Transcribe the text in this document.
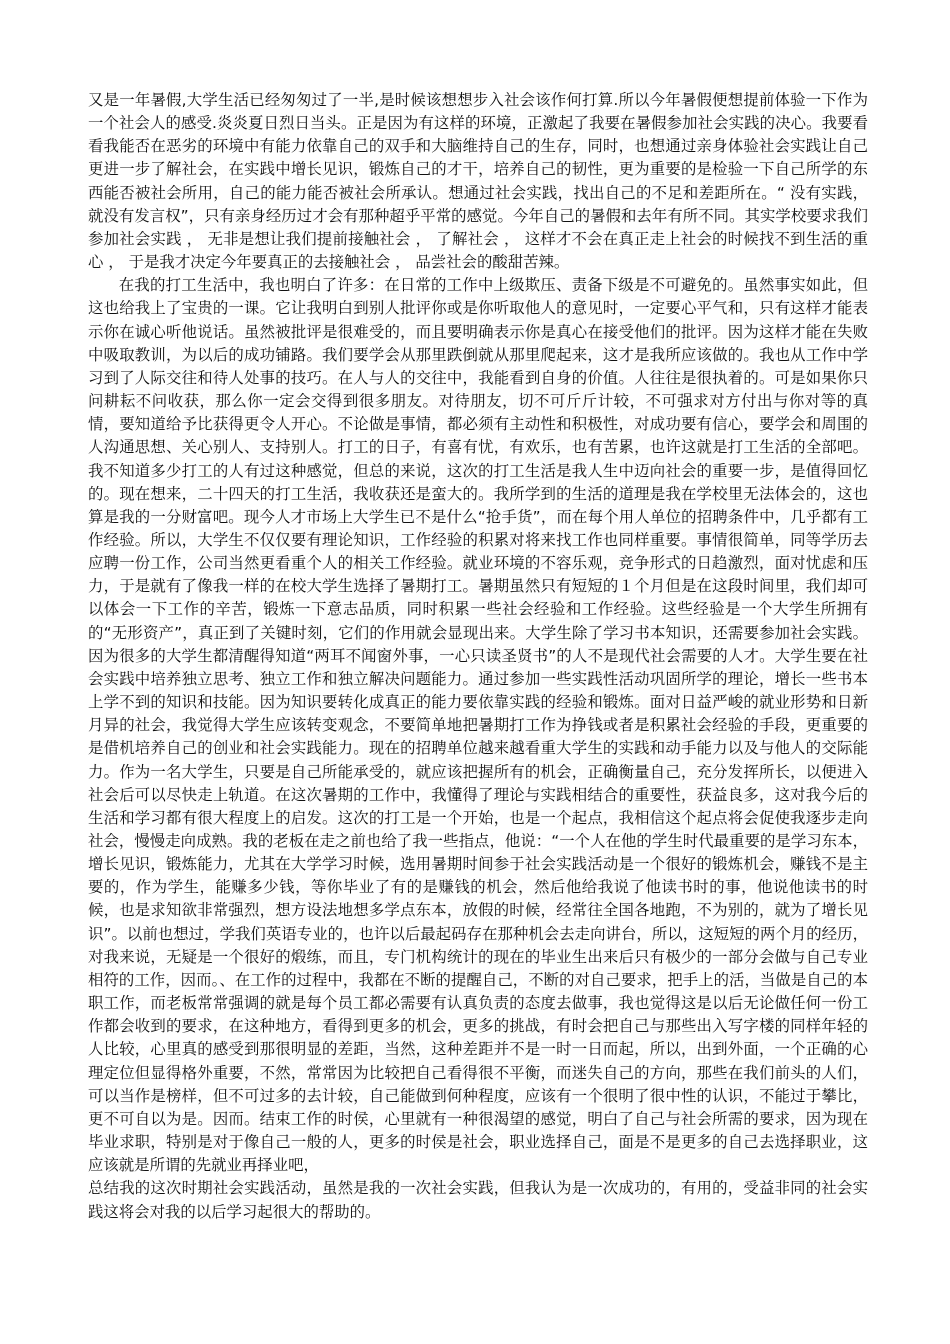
又是一年暑假,大学生活已经匆匆过了一半,是时候该想想步入社会该作何打算.所以今年暑假便想提前体验一下作为一个社会人的感受.炎炎夏日烈日当头。正是因为有这样的环境，正激起了我要在暑假参加社会实践的决心。我要看看我能否在恶劣的环境中有能力依靠自己的双手和大脑维持自己的生存，同时，也想通过亲身体验社会实践让自己更进一步了解社会，在实践中增长见识，锻炼自己的才干，培养自己的韧性，更为重要的是检验一下自己所学的东西能否被社会所用，自己的能力能否被社会所承认。想通过社会实践，找出自己的不足和差距所在。“ 没有实践，就没有发言权”，只有亲身经历过才会有那种超乎平常的感觉。今年自己的暑假和去年有所不同。其实学校要求我们参加社会实践 ， 无非是想让我们提前接触社会 ， 了解社会 ， 这样才不会在真正走上社会的时候找不到生活的重心 ， 于是我才决定今年要真正的去接触社会 ， 品尝社会的酸甜苦辣。

在我的打工生活中，我也明白了许多：在日常的工作中上级欺压、责备下级是不可避免的。虽然事实如此，但这也给我上了宝贵的一课。它让我明白到别人批评你或是你听取他人的意见时，一定要心平气和，只有这样才能表示你在诚心听他说话。虽然被批评是很难受的，而且要明确表示你是真心在接受他们的批评。因为这样才能在失败中吸取教训，为以后的成功铺路。我们要学会从那里跌倒就从那里爬起来，这才是我所应该做的。我也从工作中学习到了人际交往和待人处事的技巧。在人与人的交往中，我能看到自身的价值。人往往是很执着的。可是如果你只问耕耘不问收获，那么你一定会交得到很多朋友。对待朋友，切不可斤斤计较，不可强求对方付出与你对等的真情，要知道给予比获得更令人开心。不论做是事情，都必须有主动性和积极性，对成功要有信心，要学会和周围的人沟通思想、关心别人、支持别人。打工的日子，有喜有忧，有欢乐，也有苦累，也许这就是打工生活的全部吧。我不知道多少打工的人有过这种感觉，但总的来说，这次的打工生活是我人生中迈向社会的重要一步，是值得回忆的。现在想来，二十四天的打工生活，我收获还是蛮大的。我所学到的生活的道理是我在学校里无法体会的，这也算是我的一分财富吧。现今人才市场上大学生已不是什么“抢手货”，而在每个用人单位的招聘条件中，几乎都有工作经验。所以，大学生不仅仅要有理论知识，工作经验的积累对将来找工作也同样重要。事情很简单，同等学历去应聘一份工作，公司当然更看重个人的相关工作经验。就业环境的不容乐观，竞争形式的日趋激烈，面对忧虑和压力，于是就有了像我一样的在校大学生选择了暑期打工。暑期虽然只有短短的１个月但是在这段时间里，我们却可以体会一下工作的辛苦，锻炼一下意志品质，同时积累一些社会经验和工作经验。这些经验是一个大学生所拥有的“无形资产”，真正到了关键时刻，它们的作用就会显现出来。大学生除了学习书本知识，还需要参加社会实践。因为很多的大学生都清醒得知道“两耳不闻窗外事，一心只读圣贤书”的人不是现代社会需要的人才。大学生要在社会实践中培养独立思考、独立工作和独立解决问题能力。通过参加一些实践性活动巩固所学的理论，增长一些书本上学不到的知识和技能。因为知识要转化成真正的能力要依靠实践的经验和锻炼。面对日益严峻的就业形势和日新月异的社会，我觉得大学生应该转变观念，不要简单地把暑期打工作为挣钱或者是积累社会经验的手段，更重要的是借机培养自己的创业和社会实践能力。现在的招聘单位越来越看重大学生的实践和动手能力以及与他人的交际能力。作为一名大学生，只要是自己所能承受的，就应该把握所有的机会，正确衡量自己，充分发挥所长，以便进入社会后可以尽快走上轨道。在这次暑期的工作中，我懂得了理论与实践相结合的重要性，获益良多，这对我今后的生活和学习都有很大程度上的启发。这次的打工是一个开始，也是一个起点，我相信这个起点将会促使我逐步走向社会，慢慢走向成熟。我的老板在走之前也给了我一些指点，他说：“一个人在他的学生时代最重要的是学习东本，增长见识，锻炼能力，尤其在大学学习时候，选用暑期时间参于社会实践活动是一个很好的锻炼机会，赚钱不是主要的，作为学生，能赚多少钱，等你毕业了有的是赚钱的机会，然后他给我说了他读书时的事，他说他读书的时候，也是求知欲非常强烈，想方设法地想多学点东本，放假的时候，经常往全国各地跑，不为别的，就为了增长见识”。以前也想过，学我们英语专业的，也许以后最起码存在那种机会去走向讲台，所以，这短短的两个月的经历，对我来说，无疑是一个很好的煅练，而且，专门机构统计的现在的毕业生出来后只有极少的一部分会做与自己专业相符的工作，因而。、在工作的过程中，我都在不断的提醒自己，不断的对自己要求，把手上的活，当做是自己的本职工作，而老板常常强调的就是每个员工都必需要有认真负责的态度去做事，我也觉得这是以后无论做任何一份工作都会收到的要求，在这种地方，看得到更多的机会，更多的挑战，有时会把自己与那些出入写字楼的同样年轻的人比较，心里真的感受到那很明显的差距，当然，这种差距并不是一时一日而起，所以，出到外面，一个正确的心理定位但显得格外重要，不然，常常因为比较把自己看得很不平衡，而迷失自己的方向，那些在我们前头的人们，可以当作是榜样，但不可过多的去计较，自己能做到何种程度，应该有一个很明了很中性的认识，不能过于攀比，更不可自以为是。因而。结束工作的时侯，心里就有一种很渴望的感觉，明白了自己与社会所需的要求，因为现在毕业求职，特别是对于像自己一般的人，更多的时侯是社会，职业选择自己，面是不是更多的自己去选择职业，这应该就是所谓的先就业再择业吧，

总结我的这次时期社会实践活动，虽然是我的一次社会实践，但我认为是一次成功的，有用的，受益非同的社会实践这将会对我的以后学习起很大的帮助的。
